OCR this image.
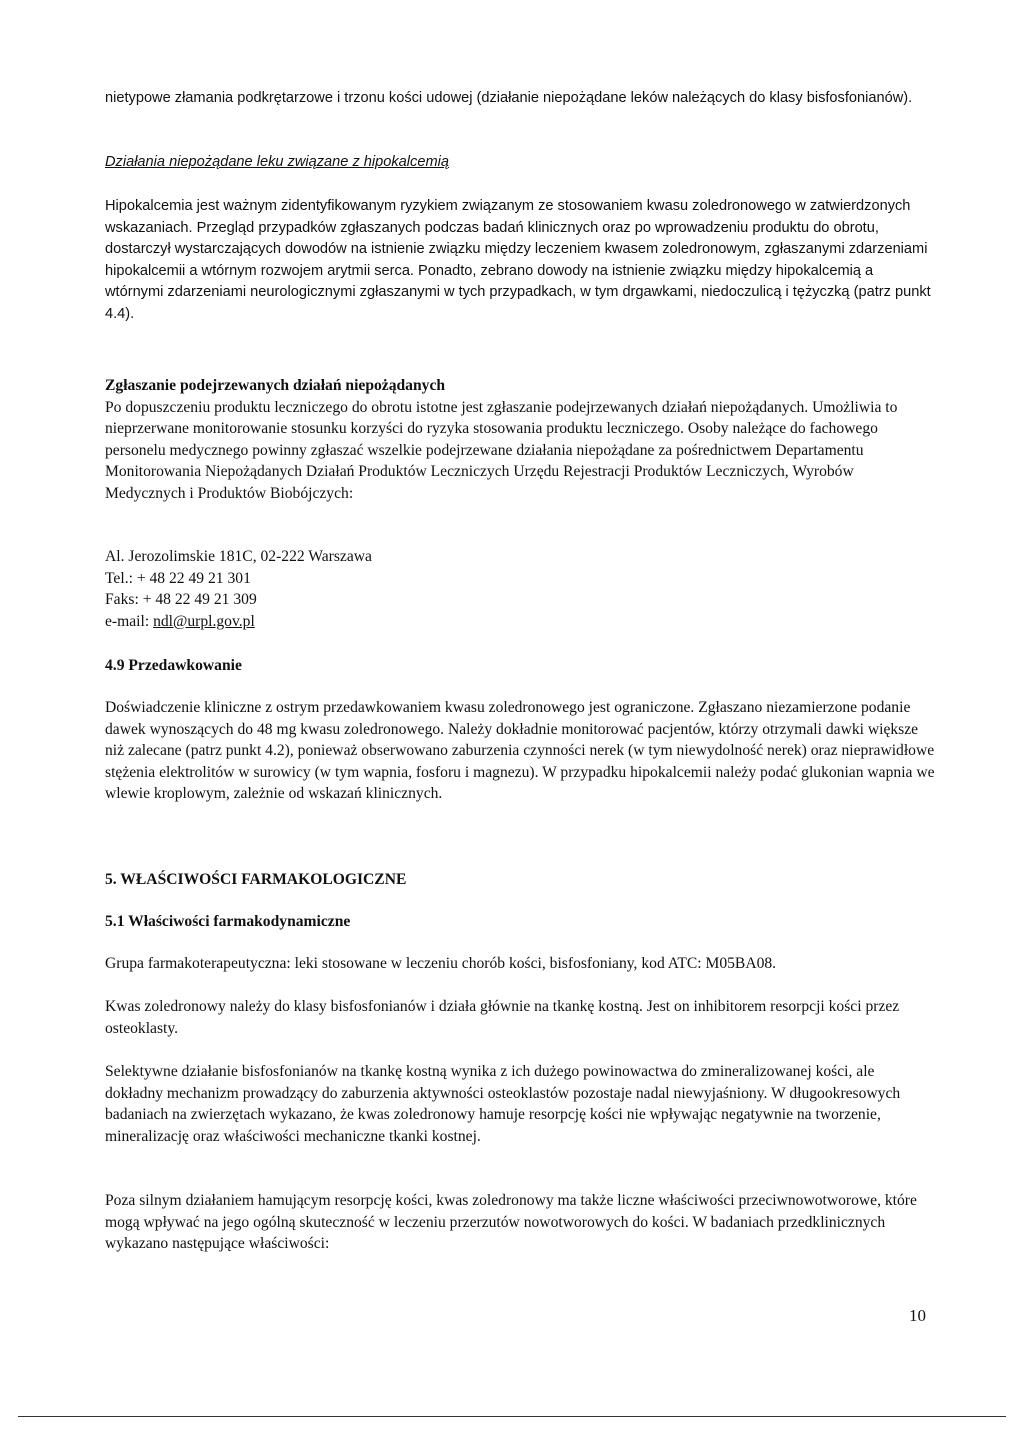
nietypowe złamania podkrętarzowe i trzonu kości udowej (działanie niepożądane leków należących do klasy bisfosfonianów).

Działania niepożądane leku związane z hipokalcemią

Hipokalcemia jest ważnym zidentyfikowanym ryzykiem związanym ze stosowaniem kwasu zoledronowego w zatwierdzonych wskazaniach. Przegląd przypadków zgłaszanych podczas badań klinicznych oraz po wprowadzeniu produktu do obrotu, dostarczył wystarczających dowodów na istnienie związku między leczeniem kwasem zoledronowym, zgłaszanymi zdarzeniami hipokalcemii a wtórnym rozwojem arytmii serca. Ponadto, zebrano dowody na istnienie związku między hipokalcemią a wtórnymi zdarzeniami neurologicznymi zgłaszanymi w tych przypadkach, w tym drgawkami, niedoczulicą i tężyczką (patrz punkt 4.4).

Zgłaszanie podejrzewanych działań niepożądanych
Po dopuszczeniu produktu leczniczego do obrotu istotne jest zgłaszanie podejrzewanych działań niepożądanych. Umożliwia to nieprzerwane monitorowanie stosunku korzyści do ryzyka stosowania produktu leczniczego. Osoby należące do fachowego personelu medycznego powinny zgłaszać wszelkie podejrzewane działania niepożądane za pośrednictwem Departamentu Monitorowania Niepożądanych Działań Produktów Leczniczych Urzędu Rejestracji Produktów Leczniczych, Wyrobów Medycznych i Produktów Biobójczych:
Al. Jerozolimskie 181C, 02-222 Warszawa
Tel.: + 48 22 49 21 301
Faks: + 48 22 49 21 309
e-mail: ndl@urpl.gov.pl
4.9 Przedawkowanie

Doświadczenie kliniczne z ostrym przedawkowaniem kwasu zoledronowego jest ograniczone. Zgłaszano niezamierzone podanie dawek wynoszących do 48 mg kwasu zoledronowego. Należy dokładnie monitorować pacjentów, którzy otrzymali dawki większe niż zalecane (patrz punkt 4.2), ponieważ obserwowano zaburzenia czynności nerek (w tym niewydolność nerek) oraz nieprawidłowe stężenia elektrolitów w surowicy (w tym wapnia, fosforu i magnezu). W przypadku hipokalcemii należy podać glukonian wapnia we wlewie kroplowym, zależnie od wskazań klinicznych.

5. WŁAŚCIWOŚCI FARMAKOLOGICZNE
5.1 Właściwości farmakodynamiczne

Grupa farmakoterapeutyczna: leki stosowane w leczeniu chorób kości, bisfosfoniany, kod ATC: M05BA08.

Kwas zoledronowy należy do klasy bisfosfonianów i działa głównie na tkankę kostną. Jest on inhibitorem resorpcji kości przez osteoklasty.

Selektywne działanie bisfosfonianów na tkankę kostną wynika z ich dużego powinowactwa do zmineralizowanej kości, ale dokładny mechanizm prowadzący do zaburzenia aktywności osteoklastów pozostaje nadal niewyjaśniony. W długookresowych badaniach na zwierzętach wykazano, że kwas zoledronowy hamuje resorpcję kości nie wpływając negatywnie na tworzenie, mineralizację oraz właściwości mechaniczne tkanki kostnej.

Poza silnym działaniem hamującym resorpcję kości, kwas zoledronowy ma także liczne właściwości przeciwnowotworowe, które mogą wpływać na jego ogólną skuteczność w leczeniu przerzutów nowotworowych do kości. W badaniach przedklinicznych wykazano następujące właściwości:

10
